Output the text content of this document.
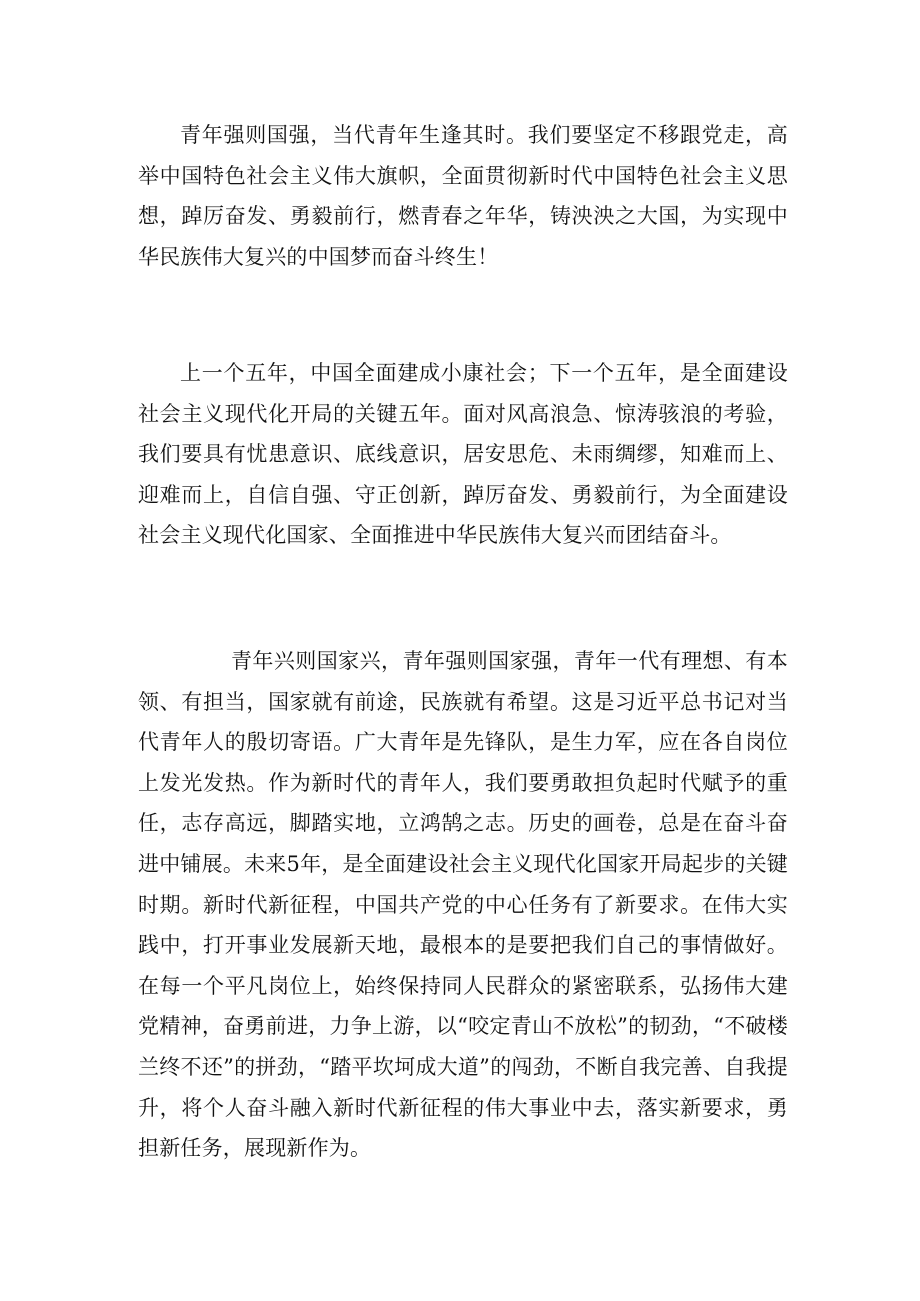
青年强则国强，当代青年生逢其时。我们要坚定不移跟党走，高举中国特色社会主义伟大旗帜，全面贯彻新时代中国特色社会主义思想，踔厉奋发、勇毅前行，燃青春之年华，铸泱泱之大国，为实现中华民族伟大复兴的中国梦而奋斗终生！

上一个五年，中国全面建成小康社会；下一个五年，是全面建设社会主义现代化开局的关键五年。面对风高浪急、惊涛骇浪的考验，我们要具有忧患意识、底线意识，居安思危、未雨绸缪，知难而上、迎难而上，自信自强、守正创新，踔厉奋发、勇毅前行，为全面建设社会主义现代化国家、全面推进中华民族伟大复兴而团结奋斗。

青年兴则国家兴，青年强则国家强，青年一代有理想、有本领、有担当，国家就有前途，民族就有希望。这是习近平总书记对当代青年人的殷切寄语。广大青年是先锋队，是生力军，应在各自岗位上发光发热。作为新时代的青年人，我们要勇敢担负起时代赋予的重任，志存高远，脚踏实地，立鸿鹄之志。历史的画卷，总是在奋斗奋进中铺展。未来5年，是全面建设社会主义现代化国家开局起步的关键时期。新时代新征程，中国共产党的中心任务有了新要求。在伟大实践中，打开事业发展新天地，最根本的是要把我们自己的事情做好。在每一个平凡岗位上，始终保持同人民群众的紧密联系，弘扬伟大建党精神，奋勇前进，力争上游，以“咬定青山不放松”的韧劲，“不破楼兰终不还”的拼劲，“踏平坎坷成大道”的闯劲，不断自我完善、自我提升，将个人奋斗融入新时代新征程的伟大事业中去，落实新要求，勇担新任务，展现新作为。
